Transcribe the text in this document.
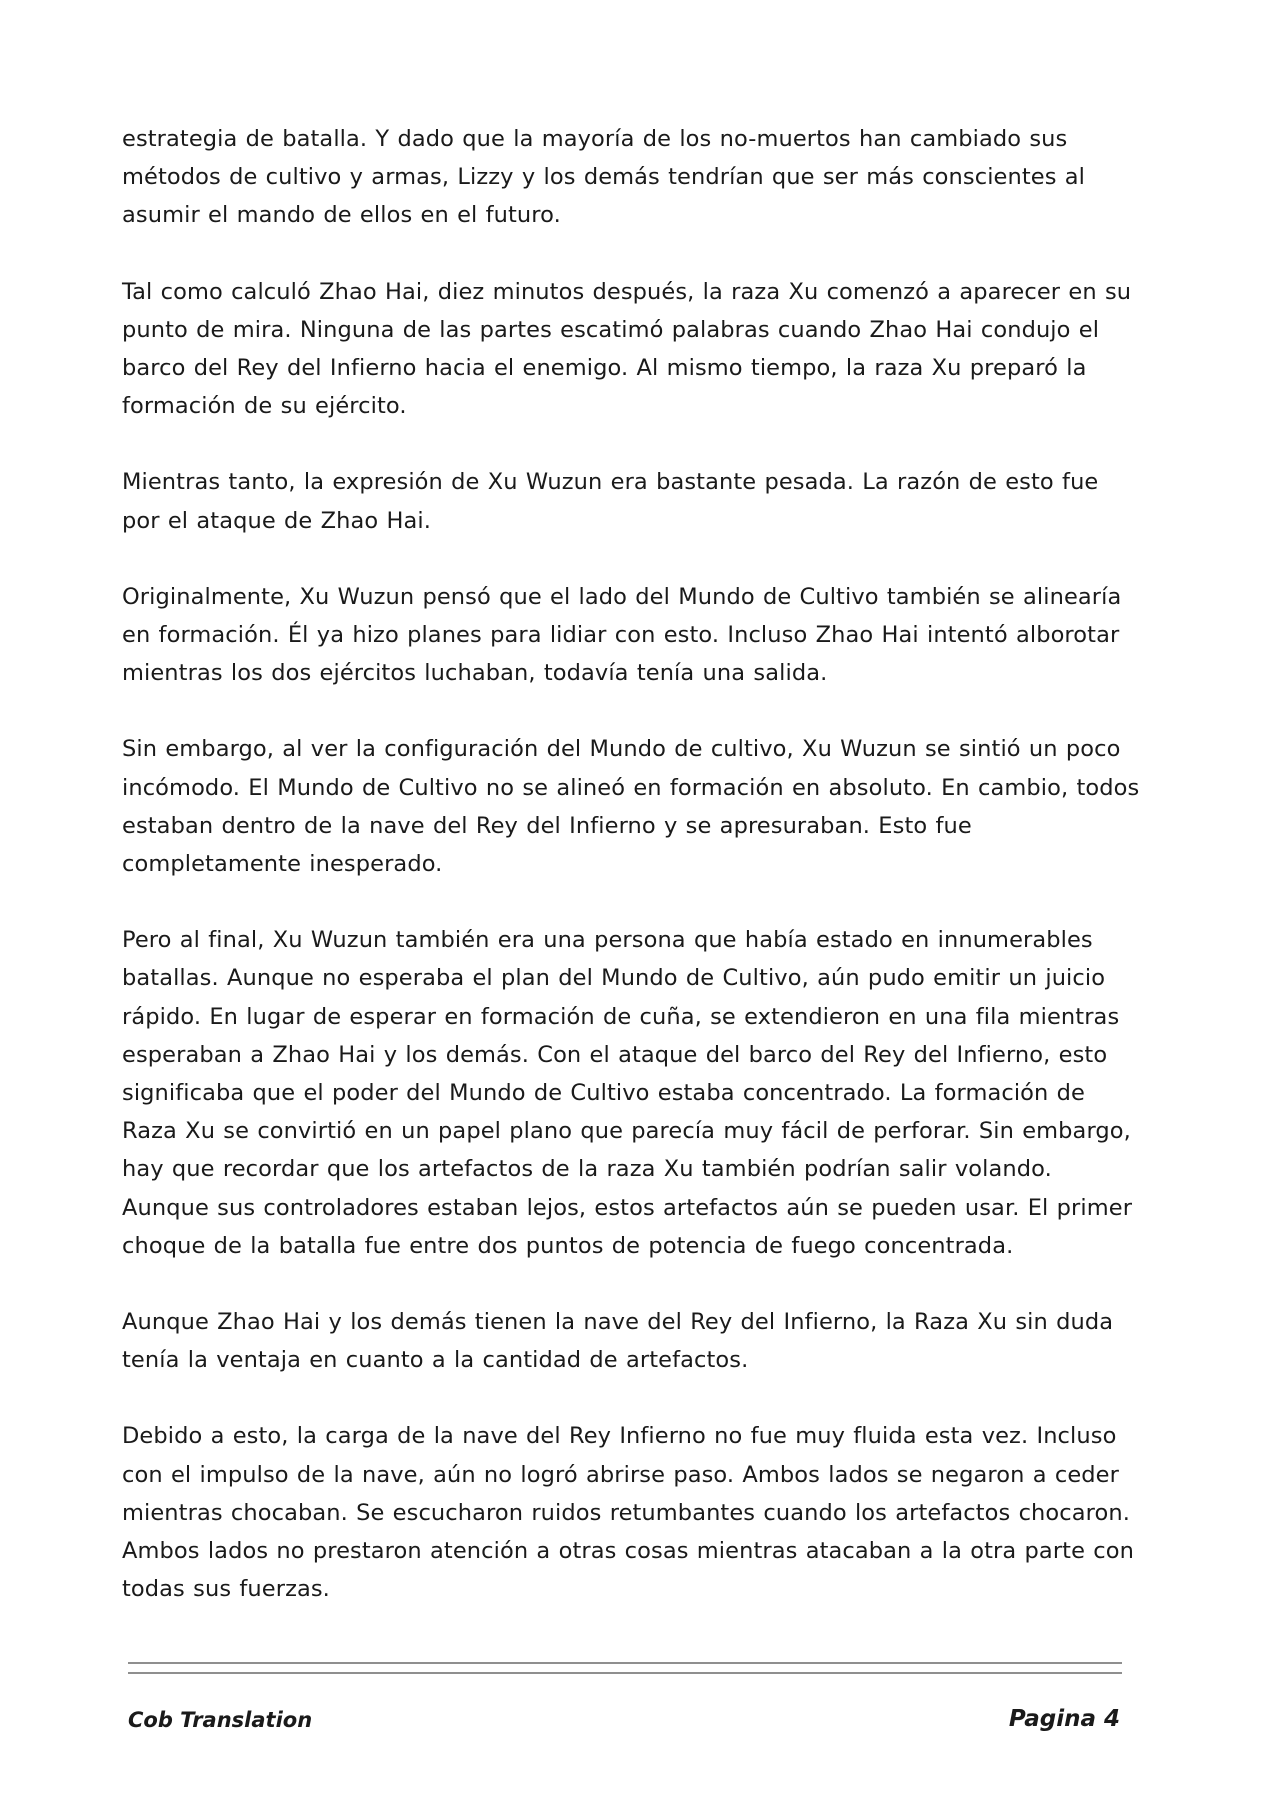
estrategia de batalla. Y dado que la mayoría de los no-muertos han cambiado sus métodos de cultivo y armas, Lizzy y los demás tendrían que ser más conscientes al asumir el mando de ellos en el futuro.

Tal como calculó Zhao Hai, diez minutos después, la raza Xu comenzó a aparecer en su punto de mira. Ninguna de las partes escatimó palabras cuando Zhao Hai condujo el barco del Rey del Infierno hacia el enemigo. Al mismo tiempo, la raza Xu preparó la formación de su ejército.

Mientras tanto, la expresión de Xu Wuzun era bastante pesada. La razón de esto fue por el ataque de Zhao Hai.

Originalmente, Xu Wuzun pensó que el lado del Mundo de Cultivo también se alinearía en formación. Él ya hizo planes para lidiar con esto. Incluso Zhao Hai intentó alborotar mientras los dos ejércitos luchaban, todavía tenía una salida.

Sin embargo, al ver la configuración del Mundo de cultivo, Xu Wuzun se sintió un poco incómodo. El Mundo de Cultivo no se alineó en formación en absoluto. En cambio, todos estaban dentro de la nave del Rey del Infierno y se apresuraban. Esto fue completamente inesperado.

Pero al final, Xu Wuzun también era una persona que había estado en innumerables batallas. Aunque no esperaba el plan del Mundo de Cultivo, aún pudo emitir un juicio rápido. En lugar de esperar en formación de cuña, se extendieron en una fila mientras esperaban a Zhao Hai y los demás. Con el ataque del barco del Rey del Infierno, esto significaba que el poder del Mundo de Cultivo estaba concentrado. La formación de Raza Xu se convirtió en un papel plano que parecía muy fácil de perforar. Sin embargo, hay que recordar que los artefactos de la raza Xu también podrían salir volando. Aunque sus controladores estaban lejos, estos artefactos aún se pueden usar. El primer choque de la batalla fue entre dos puntos de potencia de fuego concentrada.

Aunque Zhao Hai y los demás tienen la nave del Rey del Infierno, la Raza Xu sin duda tenía la ventaja en cuanto a la cantidad de artefactos.

Debido a esto, la carga de la nave del Rey Infierno no fue muy fluida esta vez. Incluso con el impulso de la nave, aún no logró abrirse paso. Ambos lados se negaron a ceder mientras chocaban. Se escucharon ruidos retumbantes cuando los artefactos chocaron. Ambos lados no prestaron atención a otras cosas mientras atacaban a la otra parte con todas sus fuerzas.

Cob Translation	Pagina 4
